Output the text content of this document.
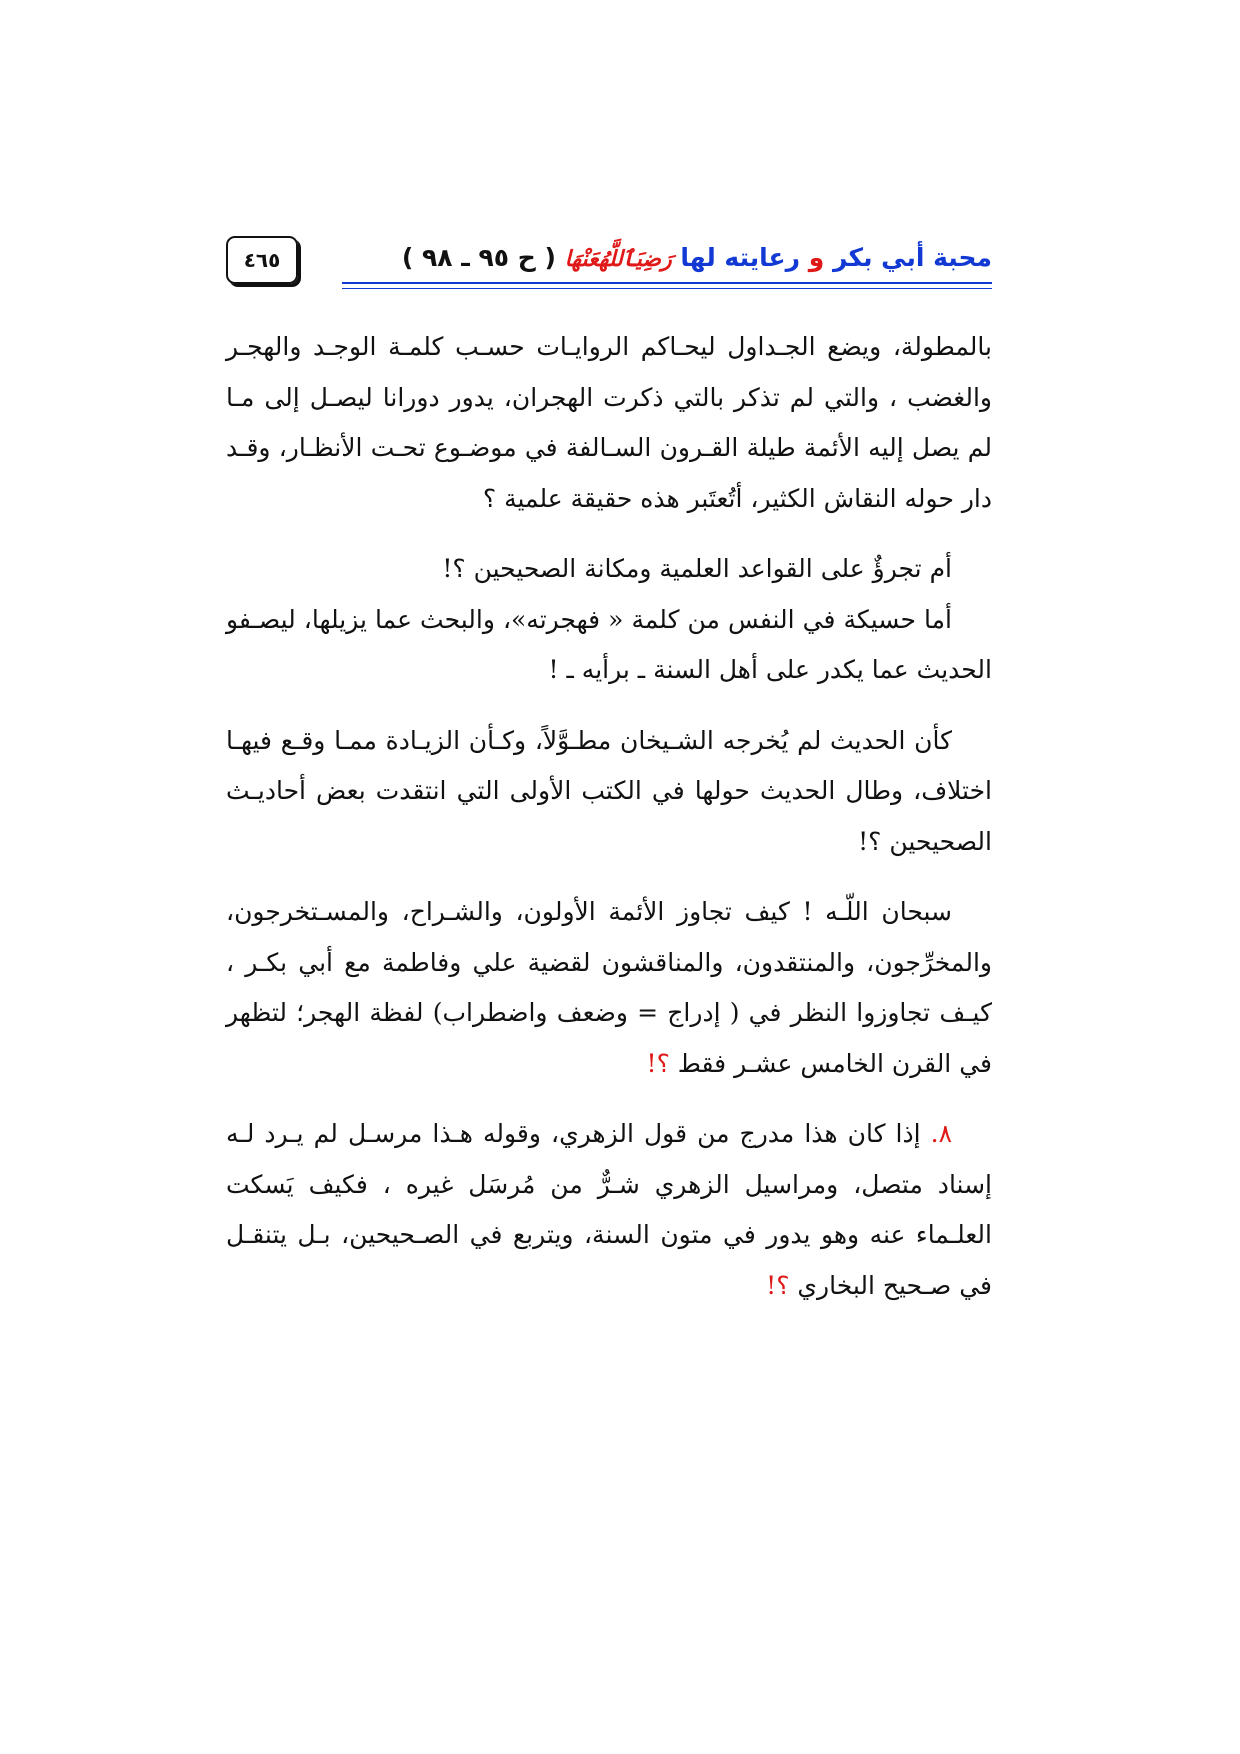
محبة أبي بكر و رعايته لها رَضِيَٱللَّهُعَنْهَا ( ح ٩٥ ـ ٩٨ )
٤٦٥

بالمطولة، ويضع الجـداول ليحـاكم الروايـات حسـب كلمـة الوجـد والهجـر والغضب ، والتي لم تذكر بالتي ذكرت الهجران، يدور دورانا ليصـل إلى مـا لم يصل إليه الأئمة طيلة القـرون السـالفة في موضـوع تحـت الأنظـار، وقـد دار حوله النقاش الكثير، أتُعتَبر هذه حقيقة علمية ؟

أم تجرؤٌ على القواعد العلمية ومكانة الصحيحين ؟!

أما حسيكة في النفس من كلمة « فهجرته»، والبحث عما يزيلها، ليصـفو الحديث عما يكدر على أهل السنة ـ برأيه ـ !

كأن الحديث لم يُخرجه الشـيخان مطـوَّلاً، وكـأن الزيـادة ممـا وقـع فيهـا اختلاف، وطال الحديث حولها في الكتب الأولى التي انتقدت بعض أحاديـث الصحيحين ؟!

سبحان اللّـه ! كيف تجاوز الأئمة الأولون، والشـراح، والمسـتخرجون، والمخرِّجون، والمنتقدون، والمناقشون لقضية علي وفاطمة مع أبي بكـر ، كيـف تجاوزوا النظر في ( إدراج = وضعف واضطراب) لفظة الهجر؛ لتظهر في القرن الخامس عشـر فقط ؟!

٨. إذا كان هذا مدرج من قول الزهري، وقوله هـذا مرسـل لم يـرد لـه إسناد متصل، ومراسيل الزهري شـرٌّ من مُرسَل غيره ، فكيف يَسكت العلـماء عنه وهو يدور في متون السنة، ويتربع في الصـحيحين، بـل يتنقـل في صـحيح البخاري ؟!
